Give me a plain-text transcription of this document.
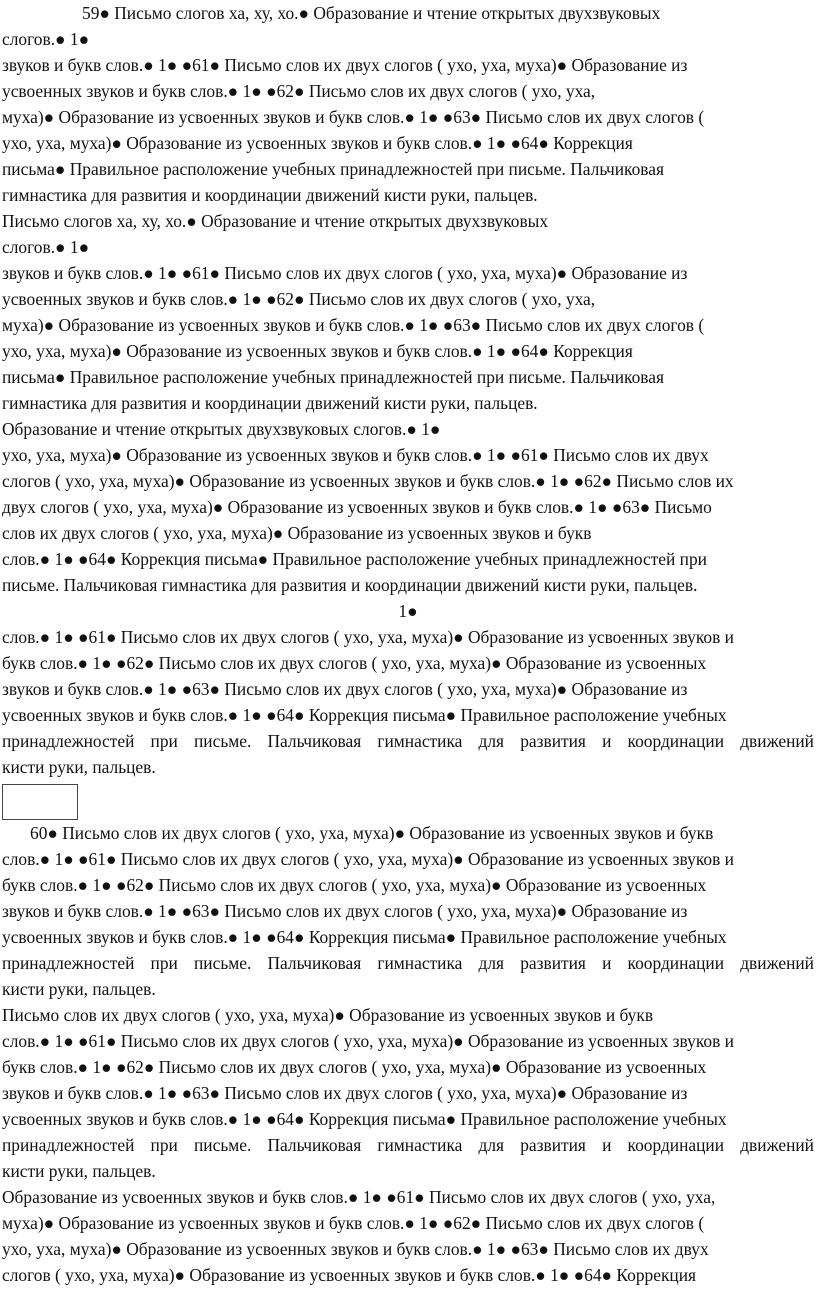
59● Письмо слогов ха, ху, хо.● Образование и чтение открытых двухзвуковых
слогов.● 1●
звуков и букв слов.● 1● ●61● Письмо слов их двух слогов ( ухо, уха, муха)● Образование из
усвоенных звуков и букв слов.● 1● ●62● Письмо слов их двух слогов ( ухо, уха,
муха)● Образование из усвоенных звуков и букв слов.● 1● ●63● Письмо слов их двух слогов (
ухо, уха, муха)● Образование из усвоенных звуков и букв слов.● 1● ●64● Коррекция
письма● Правильное расположение учебных принадлежностей при письме. Пальчиковая
гимнастика для развития и координации движений кисти руки, пальцев.
Письмо слогов ха, ху, хо.● Образование и чтение открытых двухзвуковых
слогов.● 1●
звуков и букв слов.● 1● ●61● Письмо слов их двух слогов ( ухо, уха, муха)● Образование из
усвоенных звуков и букв слов.● 1● ●62● Письмо слов их двух слогов ( ухо, уха,
муха)● Образование из усвоенных звуков и букв слов.● 1● ●63● Письмо слов их двух слогов (
ухо, уха, муха)● Образование из усвоенных звуков и букв слов.● 1● ●64● Коррекция
письма● Правильное расположение учебных принадлежностей при письме. Пальчиковая
гимнастика для развития и координации движений кисти руки, пальцев.
Образование и чтение открытых двухзвуковых слогов.● 1●
ухо, уха, муха)● Образование из усвоенных звуков и букв слов.● 1● ●61● Письмо слов их двух
слогов ( ухо, уха, муха)● Образование из усвоенных звуков и букв слов.● 1● ●62● Письмо слов их
двух слогов ( ухо, уха, муха)● Образование из усвоенных звуков и букв слов.● 1● ●63● Письмо
слов их двух слогов ( ухо, уха, муха)● Образование из усвоенных звуков и букв
слов.● 1● ●64● Коррекция письма● Правильное расположение учебных принадлежностей при
письме. Пальчиковая гимнастика для развития и координации движений кисти руки, пальцев.
1●
слов.● 1● ●61● Письмо слов их двух слогов ( ухо, уха, муха)● Образование из усвоенных звуков и
букв слов.● 1● ●62● Письмо слов их двух слогов ( ухо, уха, муха)● Образование из усвоенных
звуков и букв слов.● 1● ●63● Письмо слов их двух слогов ( ухо, уха, муха)● Образование из
усвоенных звуков и букв слов.● 1● ●64● Коррекция письма● Правильное расположение учебных
принадлежностей при письме. Пальчиковая гимнастика для развития и координации движений
кисти руки, пальцев.
60● Письмо слов их двух слогов ( ухо, уха, муха)● Образование из усвоенных звуков и букв
слов.● 1● ●61● Письмо слов их двух слогов ( ухо, уха, муха)● Образование из усвоенных звуков и
букв слов.● 1● ●62● Письмо слов их двух слогов ( ухо, уха, муха)● Образование из усвоенных
звуков и букв слов.● 1● ●63● Письмо слов их двух слогов ( ухо, уха, муха)● Образование из
усвоенных звуков и букв слов.● 1● ●64● Коррекция письма● Правильное расположение учебных
принадлежностей при письме. Пальчиковая гимнастика для развития и координации движений
кисти руки, пальцев.
Письмо слов их двух слогов ( ухо, уха, муха)● Образование из усвоенных звуков и букв
слов.● 1● ●61● Письмо слов их двух слогов ( ухо, уха, муха)● Образование из усвоенных звуков и
букв слов.● 1● ●62● Письмо слов их двух слогов ( ухо, уха, муха)● Образование из усвоенных
звуков и букв слов.● 1● ●63● Письмо слов их двух слогов ( ухо, уха, муха)● Образование из
усвоенных звуков и букв слов.● 1● ●64● Коррекция письма● Правильное расположение учебных
принадлежностей при письме. Пальчиковая гимнастика для развития и координации движений
кисти руки, пальцев.
Образование из усвоенных звуков и букв слов.● 1● ●61● Письмо слов их двух слогов ( ухо, уха,
муха)● Образование из усвоенных звуков и букв слов.● 1● ●62● Письмо слов их двух слогов (
ухо, уха, муха)● Образование из усвоенных звуков и букв слов.● 1● ●63● Письмо слов их двух
слогов ( ухо, уха, муха)● Образование из усвоенных звуков и букв слов.● 1● ●64● Коррекция
